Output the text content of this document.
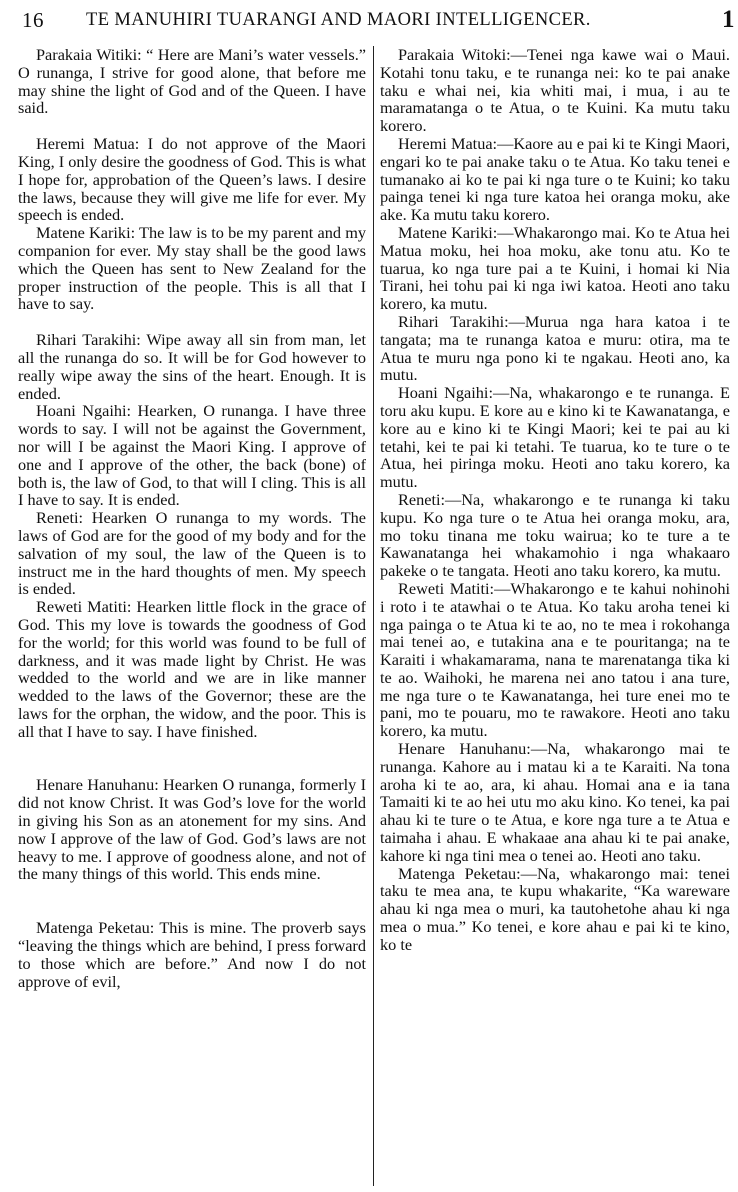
16 TE MANUHIRI TUARANGI AND MAORI INTELLIGENCER.	1

Parakaia Witiki: “ Here are Mani’s water vessels.” O runanga, I strive for good alone, that before me may shine the light of God and of the Queen. I have said.

Heremi Matua: I do not approve of the Maori King, I only desire the goodness of God. This is what I hope for, approbation of the Queen’s laws. I desire the laws, because they will give me life for ever. My speech is ended.

Matene Kariki: The law is to be my parent and my companion for ever. My stay shall be the good laws which the Queen has sent to New Zealand for the proper instruction of the people. This is all that I have to say.

Rihari Tarakihi: Wipe away all sin from man, let all the runanga do so. It will be for God however to really wipe away the sins of the heart. Enough. It is ended.

Hoani Ngaihi: Hearken, O runanga. I have three words to say. I will not be against the Government, nor will I be against the Maori King. I approve of one and I approve of the other, the back (bone) of both is, the law of God, to that will I cling. This is all I have to say. It is ended.

Reneti: Hearken O runanga to my words. The laws of God are for the good of my body and for the salvation of my soul, the law of the Queen is to instruct me in the hard thoughts of men. My speech is ended.

Reweti Matiti: Hearken little flock in the grace of God. This my love is towards the goodness of God for the world; for this world was found to be full of darkness, and it was made light by Christ. He was wedded to the world and we are in like manner wedded to the laws of the Governor; these are the laws for the orphan, the widow, and the poor. This is all that I have to say. I have finished.

Henare Hanuhanu: Hearken O runanga, formerly I did not know Christ. It was God’s love for the world in giving his Son as an atonement for my sins. And now I approve of the law of God. God’s laws are not heavy to me. I approve of goodness alone, and not of the many things of this world. This ends mine.

Matenga Peketau: This is mine. The proverb says “leaving the things which are behind, I press forward to those which are before.” And now I do not approve of evil,

Parakaia Witoki:—Tenei nga kawe wai o Maui. Kotahi tonu taku, e te runanga nei: ko te pai anake taku e whai nei, kia whiti mai, i mua, i au te maramatanga o te Atua, o te Kuini. Ka mutu taku korero.

Heremi Matua:—Kaore au e pai ki te Kingi Maori, engari ko te pai anake taku o te Atua. Ko taku tenei e tumanako ai ko te pai ki nga ture o te Kuini; ko taku painga tenei ki nga ture katoa hei oranga moku, ake ake. Ka mutu taku korero.

Matene Kariki:—Whakarongo mai. Ko te Atua hei Matua moku, hei hoa moku, ake tonu atu. Ko te tuarua, ko nga ture pai a te Kuini, i homai ki Nia Tirani, hei tohu pai ki nga iwi katoa. Heoti ano taku korero, ka mutu.

Rihari Tarakihi:—Murua nga hara katoa i te tangata; ma te runanga katoa e muru: otira, ma te Atua te muru nga pono ki te ngakau. Heoti ano, ka mutu.

Hoani Ngaihi:—Na, whakarongo e te runanga. E toru aku kupu. E kore au e kino ki te Kawanatanga, e kore au e kino ki te Kingi Maori; kei te pai au ki tetahi, kei te pai ki tetahi. Te tuarua, ko te ture o te Atua, hei piringa moku. Heoti ano taku korero, ka mutu.

Reneti:—Na, whakarongo e te runanga ki taku kupu. Ko nga ture o te Atua hei oranga moku, ara, mo toku tinana me toku wairua; ko te ture a te Kawanatanga hei whakamohio i nga whakaaro pakeke o te tangata. Heoti ano taku korero, ka mutu.

Reweti Matiti:—Whakarongo e te kahui nohinohi i roto i te atawhai o te Atua. Ko taku aroha tenei ki nga painga o te Atua ki te ao, no te mea i rokohanga mai tenei ao, e tutakina ana e te pouritanga; na te Karaiti i whakamarama, nana te marenatanga tika ki te ao. Waihoki, he marena nei ano tatou i ana ture, me nga ture o te Kawanatanga, hei ture enei mo te pani, mo te pouaru, mo te rawakore. Heoti ano taku korero, ka mutu.

Henare Hanuhanu:—Na, whakarongo mai te runanga. Kahore au i matau ki a te Karaiti. Na tona aroha ki te ao, ara, ki ahau. Homai ana e ia tana Tamaiti ki te ao hei utu mo aku kino. Ko tenei, ka pai ahau ki te ture o te Atua, e kore nga ture a te Atua e taimaha i ahau. E whakaae ana ahau ki te pai anake, kahore ki nga tini mea o tenei ao. Heoti ano taku.

Matenga Peketau:—Na, whakarongo mai: tenei taku te mea ana, te kupu whakarite, “Ka wareware ahau ki nga mea o muri, ka tautohetohe ahau ki nga mea o mua.” Ko tenei, e kore ahau e pai ki te kino, ko te
